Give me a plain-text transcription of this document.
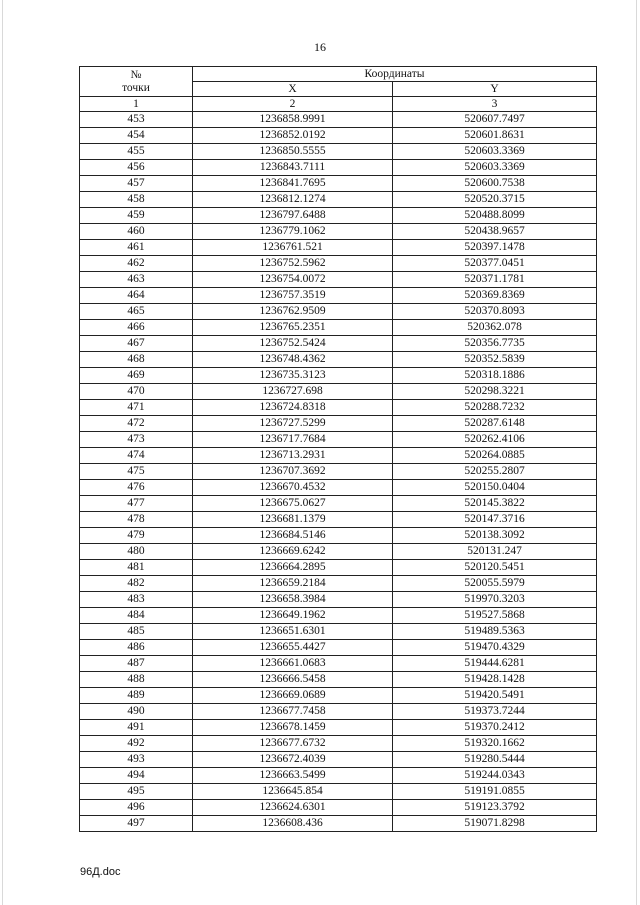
16
№
точки	Координаты	
	X	Y
1	2	3
453	1236858.9991	520607.7497
454	1236852.0192	520601.8631
455	1236850.5555	520603.3369
456	1236843.7111	520603.3369
457	1236841.7695	520600.7538
458	1236812.1274	520520.3715
459	1236797.6488	520488.8099
460	1236779.1062	520438.9657
461	1236761.521	520397.1478
462	1236752.5962	520377.0451
463	1236754.0072	520371.1781
464	1236757.3519	520369.8369
465	1236762.9509	520370.8093
466	1236765.2351	520362.078
467	1236752.5424	520356.7735
468	1236748.4362	520352.5839
469	1236735.3123	520318.1886
470	1236727.698	520298.3221
471	1236724.8318	520288.7232
472	1236727.5299	520287.6148
473	1236717.7684	520262.4106
474	1236713.2931	520264.0885
475	1236707.3692	520255.2807
476	1236670.4532	520150.0404
477	1236675.0627	520145.3822
478	1236681.1379	520147.3716
479	1236684.5146	520138.3092
480	1236669.6242	520131.247
481	1236664.2895	520120.5451
482	1236659.2184	520055.5979
483	1236658.3984	519970.3203
484	1236649.1962	519527.5868
485	1236651.6301	519489.5363
486	1236655.4427	519470.4329
487	1236661.0683	519444.6281
488	1236666.5458	519428.1428
489	1236669.0689	519420.5491
490	1236677.7458	519373.7244
491	1236678.1459	519370.2412
492	1236677.6732	519320.1662
493	1236672.4039	519280.5444
494	1236663.5499	519244.0343
495	1236645.854	519191.0855
496	1236624.6301	519123.3792
497	1236608.436	519071.8298
96Д.doc
